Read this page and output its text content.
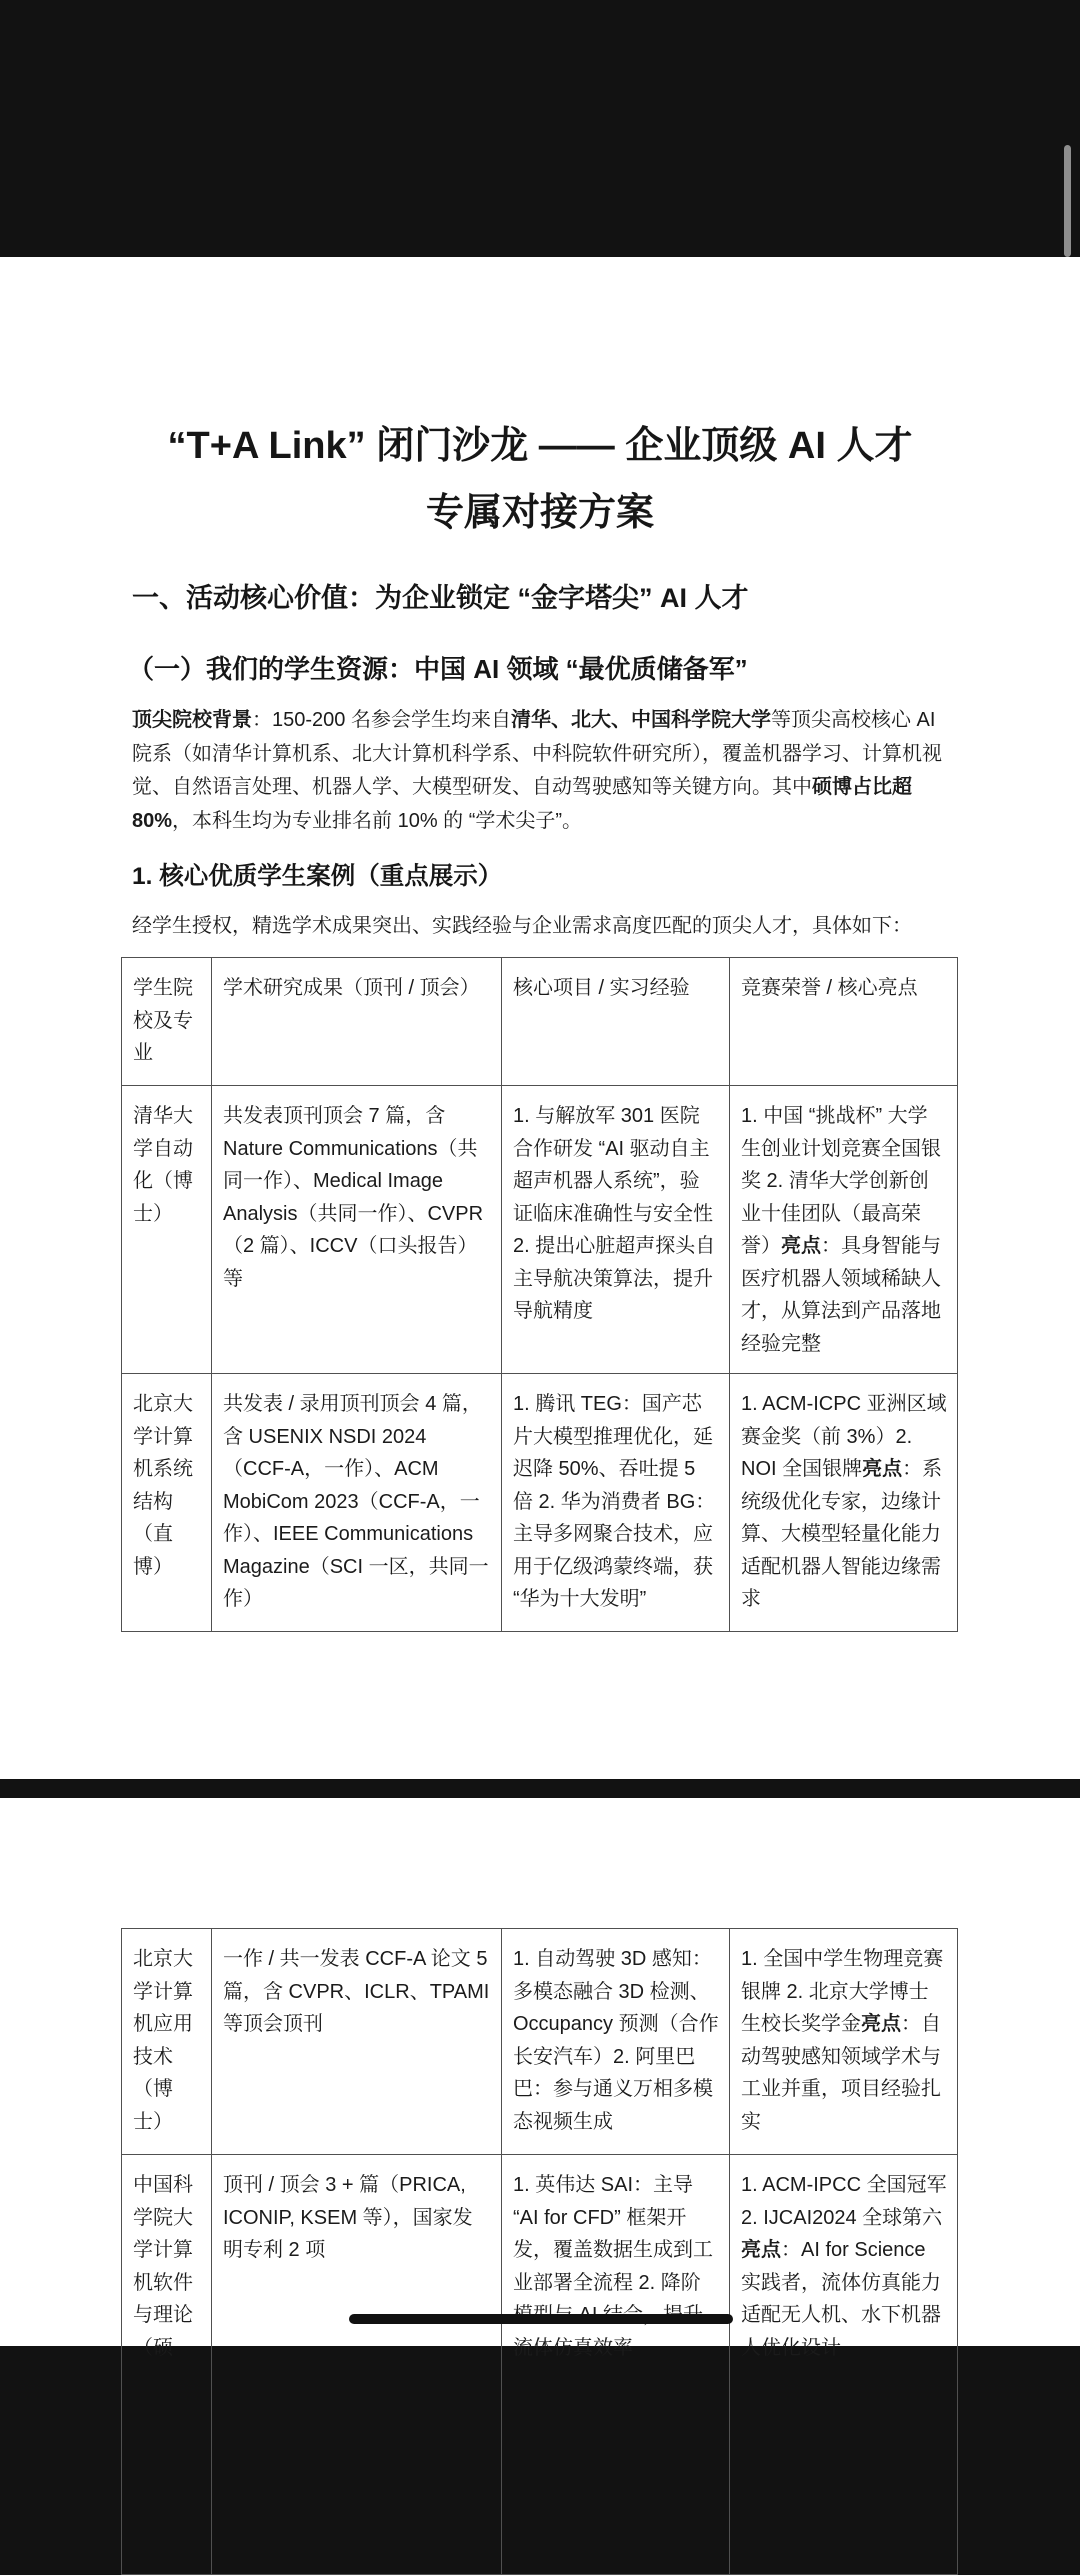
“T+A Link” 闭门沙龙 —— 企业顶级 AI 人才
专属对接方案
一、活动核心价值：为企业锁定 “金字塔尖” AI 人才
（一）我们的学生资源：中国 AI 领域 “最优质储备军”

顶尖院校背景：150-200 名参会学生均来自清华、北大、中国科学院大学等顶尖高校核心 AI 院系（如清华计算机系、北大计算机科学系、中科院软件研究所），覆盖机器学习、计算机视觉、自然语言处理、机器人学、大模型研发、自动驾驶感知等关键方向。其中硕博占比超 80%，本科生均为专业排名前 10% 的 “学术尖子”。

1. 核心优质学生案例（重点展示）
经学生授权，精选学术成果突出、实践经验与企业需求高度匹配的顶尖人才，具体如下：
学生院校及专业	学术研究成果（顶刊 / 顶会）	核心项目 / 实习经验	竞赛荣誉 / 核心亮点
清华大学自动化（博士）	共发表顶刊顶会 7 篇，含 Nature Communications（共同一作）、Medical Image Analysis（共同一作）、CVPR（2 篇）、ICCV（口头报告）等	1. 与解放军 301 医院合作研发 “AI 驱动自主超声机器人系统”，验证临床准确性与安全性 2. 提出心脏超声探头自主导航决策算法，提升导航精度	1. 中国 “挑战杯” 大学生创业计划竞赛全国银奖 2. 清华大学创新创业十佳团队（最高荣誉）亮点：具身智能与医疗机器人领域稀缺人才，从算法到产品落地经验完整
北京大学计算机系统结构（直博）	共发表 / 录用顶刊顶会 4 篇，含 USENIX NSDI 2024（CCF-A，一作）、ACM MobiCom 2023（CCF-A，一作）、IEEE Communications Magazine（SCI 一区，共同一作）	1. 腾讯 TEG：国产芯片大模型推理优化，延迟降 50%、吞吐提 5 倍 2. 华为消费者 BG：主导多网聚合技术，应用于亿级鸿蒙终端，获 “华为十大发明”	1. ACM-ICPC 亚洲区域赛金奖（前 3%）2. NOI 全国银牌亮点：系统级优化专家，边缘计算、大模型轻量化能力适配机器人智能边缘需求
北京大学计算机应用技术（博士）	一作 / 共一发表 CCF-A 论文 5 篇，含 CVPR、ICLR、TPAMI 等顶会顶刊	1. 自动驾驶 3D 感知：多模态融合 3D 检测、Occupancy 预测（合作长安汽车）2. 阿里巴巴：参与通义万相多模态视频生成	1. 全国中学生物理竞赛银牌 2. 北京大学博士生校长奖学金亮点：自动驾驶感知领域学术与工业并重，项目经验扎实
中国科学院大学计算机软件与理论（硕	顶刊 / 顶会 3 + 篇（PRICA, ICONIP, KSEM 等），国家发明专利 2 项	1. 英伟达 SAI：主导 “AI for CFD” 框架开发，覆盖数据生成到工业部署全流程 2. 降阶 流体仿真效率	1. ACM-IPCC 全国冠军 2. IJCAI2024 全球第六亮点：AI for Science 实践者，流体仿真能力适配无人机、水下机器人优化设计
